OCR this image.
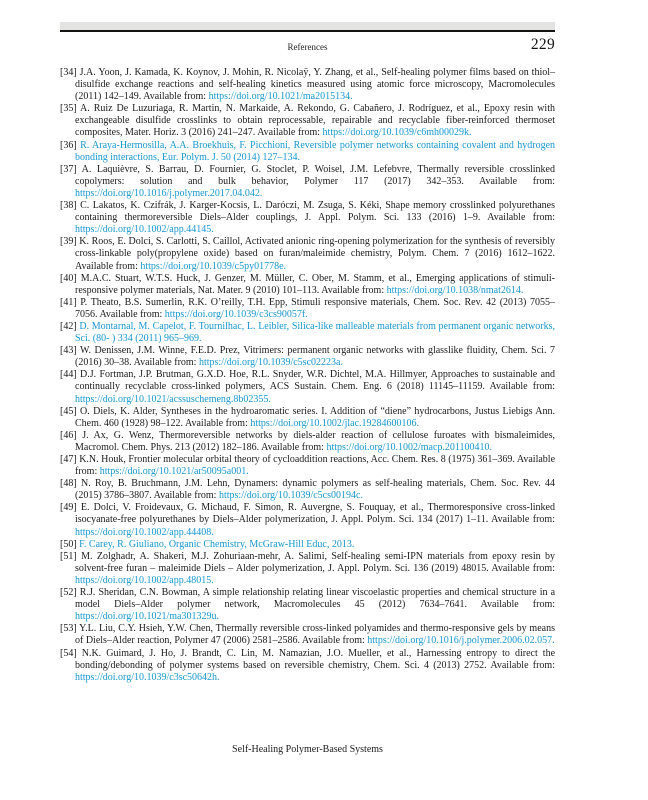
References	229
[34] J.A. Yoon, J. Kamada, K. Koynov, J. Mohin, R. Nicolaÿ, Y. Zhang, et al., Self-healing polymer films based on thiol–disulfide exchange reactions and self-healing kinetics measured using atomic force microscopy, Macromolecules (2011) 142–149. Available from: https://doi.org/10.1021/ma2015134.
[35] A. Ruiz De Luzuriaga, R. Martin, N. Markaide, A. Rekondo, G. Cabañero, J. Rodríguez, et al., Epoxy resin with exchangeable disulfide crosslinks to obtain reprocessable, repairable and recyclable fiber-reinforced thermoset composites, Mater. Horiz. 3 (2016) 241–247. Available from: https://doi.org/10.1039/c6mh00029k.
[36] R. Araya-Hermosilla, A.A. Broekhuis, F. Picchioni, Reversible polymer networks containing covalent and hydrogen bonding interactions, Eur. Polym. J. 50 (2014) 127–134.
[37] A. Laquièvre, S. Barrau, D. Fournier, G. Stoclet, P. Woisel, J.M. Lefebvre, Thermally reversible crosslinked copolymers: solution and bulk behavior, Polymer 117 (2017) 342–353. Available from: https://doi.org/10.1016/j.polymer.2017.04.042.
[38] C. Lakatos, K. Czifrák, J. Karger-Kocsis, L. Daróczi, M. Zsuga, S. Kéki, Shape memory crosslinked polyurethanes containing thermoreversible Diels–Alder couplings, J. Appl. Polym. Sci. 133 (2016) 1–9. Available from: https://doi.org/10.1002/app.44145.
[39] K. Roos, E. Dolci, S. Carlotti, S. Caillol, Activated anionic ring-opening polymerization for the synthesis of reversibly cross-linkable poly(propylene oxide) based on furan/maleimide chemistry, Polym. Chem. 7 (2016) 1612–1622. Available from: https://doi.org/10.1039/c5py01778e.
[40] M.A.C. Stuart, W.T.S. Huck, J. Genzer, M. Müller, C. Ober, M. Stamm, et al., Emerging applications of stimuli-responsive polymer materials, Nat. Mater. 9 (2010) 101–113. Available from: https://doi.org/10.1038/nmat2614.
[41] P. Theato, B.S. Sumerlin, R.K. O’reilly, T.H. Epp, Stimuli responsive materials, Chem. Soc. Rev. 42 (2013) 7055–7056. Available from: https://doi.org/10.1039/c3cs90057f.
[42] D. Montarnal, M. Capelot, F. Tournilhac, L. Leibler, Silica-like malleable materials from permanent organic networks, Sci. (80- ) 334 (2011) 965–969.
[43] W. Denissen, J.M. Winne, F.E.D. Prez, Vitrimers: permanent organic networks with glasslike fluidity, Chem. Sci. 7 (2016) 30–38. Available from: https://doi.org/10.1039/c5sc02223a.
[44] D.J. Fortman, J.P. Brutman, G.X.D. Hoe, R.L. Snyder, W.R. Dichtel, M.A. Hillmyer, Approaches to sustainable and continually recyclable cross-linked polymers, ACS Sustain. Chem. Eng. 6 (2018) 11145–11159. Available from: https://doi.org/10.1021/acssuschemeng.8b02355.
[45] O. Diels, K. Alder, Syntheses in the hydroaromatic series. I. Addition of “diene” hydrocarbons, Justus Liebigs Ann. Chem. 460 (1928) 98–122. Available from: https://doi.org/10.1002/jlac.19284600106.
[46] J. Ax, G. Wenz, Thermoreversible networks by diels-alder reaction of cellulose furoates with bismaleimides, Macromol. Chem. Phys. 213 (2012) 182–186. Available from: https://doi.org/10.1002/macp.201100410.
[47] K.N. Houk, Frontier molecular orbital theory of cycloaddition reactions, Acc. Chem. Res. 8 (1975) 361–369. Available from: https://doi.org/10.1021/ar50095a001.
[48] N. Roy, B. Bruchmann, J.M. Lehn, Dynamers: dynamic polymers as self-healing materials, Chem. Soc. Rev. 44 (2015) 3786–3807. Available from: https://doi.org/10.1039/c5cs00194c.
[49] E. Dolci, V. Froidevaux, G. Michaud, F. Simon, R. Auvergne, S. Fouquay, et al., Thermoresponsive cross-linked isocyanate-free polyurethanes by Diels–Alder polymerization, J. Appl. Polym. Sci. 134 (2017) 1–11. Available from: https://doi.org/10.1002/app.44408.
[50] F. Carey, R. Giuliano, Organic Chemistry, McGraw-Hill Educ, 2013.
[51] M. Zolghadr, A. Shakeri, M.J. Zohuriaan-mehr, A. Salimi, Self-healing semi-IPN materials from epoxy resin by solvent-free furan – maleimide Diels – Alder polymerization, J. Appl. Polym. Sci. 136 (2019) 48015. Available from: https://doi.org/10.1002/app.48015.
[52] R.J. Sheridan, C.N. Bowman, A simple relationship relating linear viscoelastic properties and chemical structure in a model Diels–Alder polymer network, Macromolecules 45 (2012) 7634–7641. Available from: https://doi.org/10.1021/ma301329u.
[53] Y.L. Liu, C.Y. Hsieh, Y.W. Chen, Thermally reversible cross-linked polyamides and thermo-responsive gels by means of Diels–Alder reaction, Polymer 47 (2006) 2581–2586. Available from: https://doi.org/10.1016/j.polymer.2006.02.057.
[54] N.K. Guimard, J. Ho, J. Brandt, C. Lin, M. Namazian, J.O. Mueller, et al., Harnessing entropy to direct the bonding/debonding of polymer systems based on reversible chemistry, Chem. Sci. 4 (2013) 2752. Available from: https://doi.org/10.1039/c3sc50642h.
Self-Healing Polymer-Based Systems
